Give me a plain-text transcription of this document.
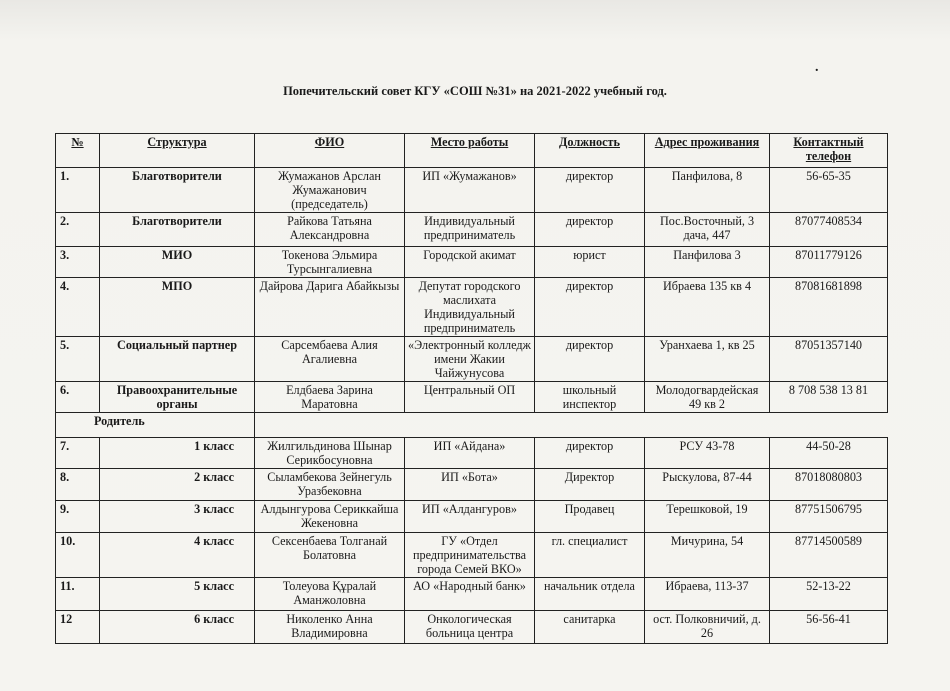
.
Попечительский совет КГУ «СОШ №31» на 2021-2022 учебный год.
№	Структура	ФИО	Место работы	Должность	Адрес проживания	Контактный телефон
1.	Благотворители	Жумажанов Арслан Жумажанович (председатель)	ИП «Жумажанов»	директор	Панфилова, 8	56-65-35
2.	Благотворители	Райкова Татьяна Александровна	Индивидуальный предприниматель	директор	Пос.Восточный, 3 дача, 447	87077408534
3.	МИО	Токенова Эльмира Турсынгалиевна	Городской акимат	юрист	Панфилова 3	87011779126
4.	МПО	Дайрова Дарига Абайкызы	Депутат городского маслихата Индивидуальный предприниматель	директор	Ибраева 135 кв 4	87081681898
5.	Социальный партнер	Сарсембаева Алия Агалиевна	«Электронный колледж имени Жакии Чайжунусова	директор	Уранхаева 1, кв 25	87051357140
6.	Правоохранительные органы	Елдбаева Зарина Маратовна	Центральный ОП	школьный инспектор	Молодогвардейская 49 кв 2	8 708 538 13 81
Родитель						
7.	1 класс	Жилгильдинова Шынар Серикбосуновна	ИП «Айдана»	директор	РСУ 43-78	44-50-28
8.	2 класс	Сыламбекова Зейнегуль Уразбековна	ИП «Бота»	Директор	Рыскулова, 87-44	87018080803
9.	3 класс	Алдынгурова Сериккайша Жекеновна	ИП «Алдангуров»	Продавец	Терешковой, 19	87751506795
10.	4 класс	Сексенбаева Толганай Болатовна	ГУ «Отдел предпринимательства города Семей ВКО»	гл. специалист	Мичурина, 54	87714500589
11.	5 класс	Толеуова Құралай Аманжоловна	АО «Народный банк»	начальник отдела	Ибраева, 113-37	52-13-22
12	6 класс	Николенко Анна Владимировна	Онкологическая больница центра	санитарка	ост. Полковничий, д. 26	56-56-41
